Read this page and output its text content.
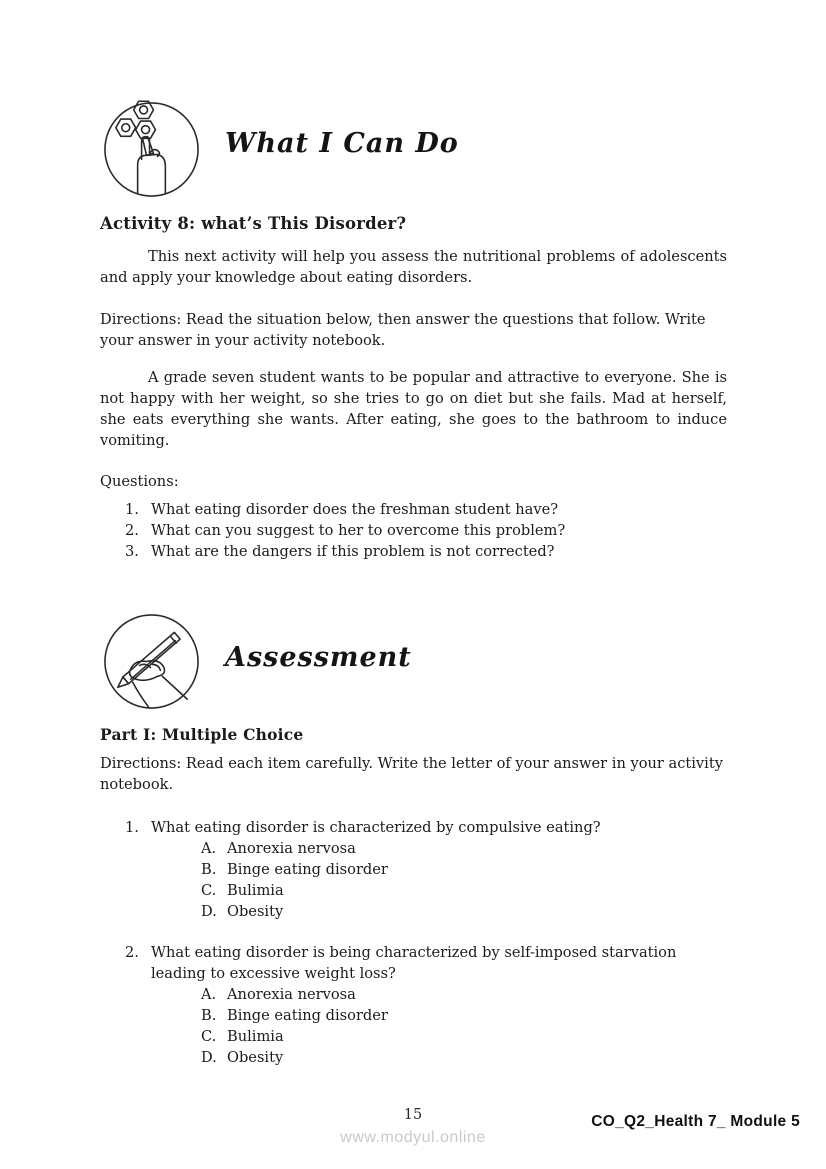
What I Can Do
Activity 8: what’s This Disorder?

This next activity will help you assess the nutritional problems of adolescents and apply your knowledge about eating disorders.

Directions: Read the situation below, then answer the questions that follow. Write your answer in your activity notebook.

A grade seven student wants to be popular and attractive to everyone. She is not happy with her weight, so she tries to go on diet but she fails. Mad at herself, she eats everything she wants. After eating, she goes to the bathroom to induce vomiting.

Questions:
1. What eating disorder does the freshman student have?
2. What can you suggest to her to overcome this problem?
3. What are the dangers if this problem is not corrected?
Assessment
Part I: Multiple Choice

Directions: Read each item carefully. Write the letter of your answer in your activity notebook.

1. What eating disorder is characterized by compulsive eating?
A. Anorexia nervosa
B. Binge eating disorder
C. Bulimia
D. Obesity
2. What eating disorder is being characterized by self-imposed starvation leading to excessive weight loss?
A. Anorexia nervosa
B. Binge eating disorder
C. Bulimia
D. Obesity
15
www.modyul.online
CO_Q2_Health 7_ Module 5
